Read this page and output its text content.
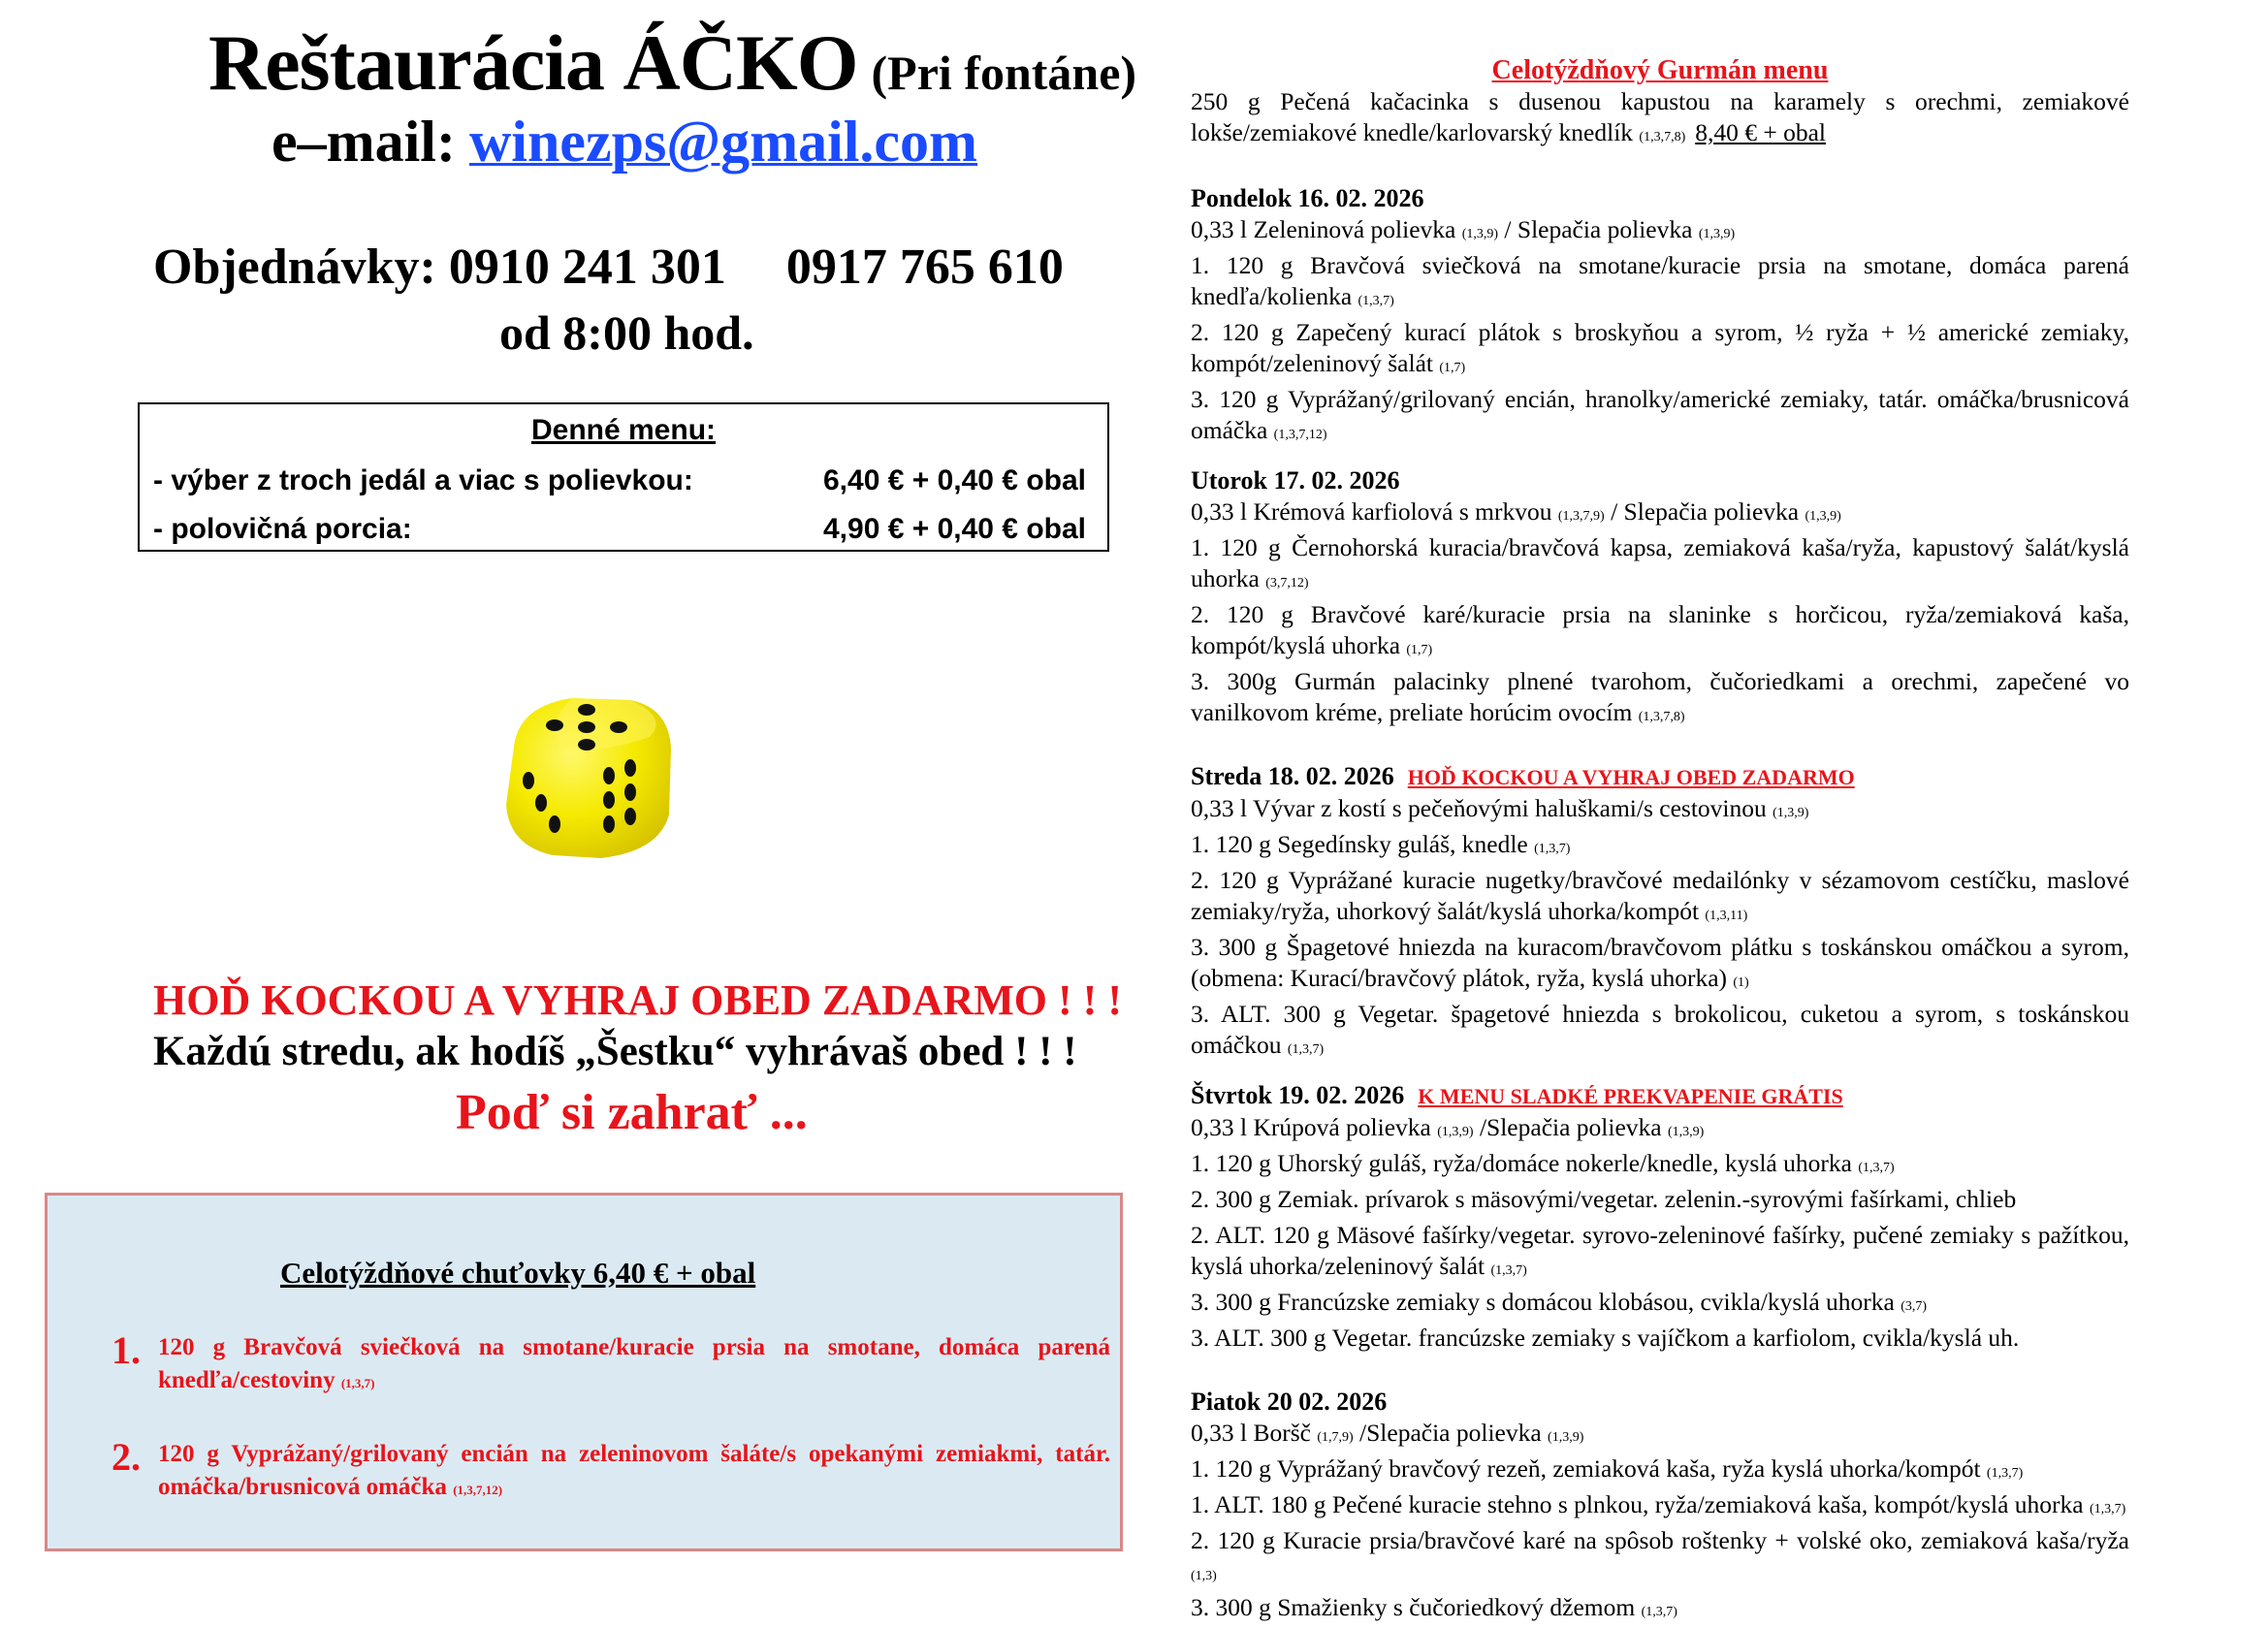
Reštaurácia ÁČKO (Pri fontáne)
e–mail: winezps@gmail.com
Objednávky: 0910 241 301 0917 765 610
od 8:00 hod.
Denné menu:
- výber z troch jedál a viac s polievkou:	6,40 € + 0,40 € obal
- polovičná porcia:	4,90 € + 0,40 € obal
HOĎ KOCKOU A VYHRAJ OBED ZADARMO ! ! !
Každú stredu, ak hodíš „Šestku“ vyhrávaš obed ! ! !
Poď si zahrať ...
Celotýždňové chuťovky 6,40 € + obal
1. 120 g Bravčová sviečková na smotane/kuracie prsia na smotane, domáca parená knedľa/cestoviny (1,3,7)
2. 120 g Vyprážaný/grilovaný encián na zeleninovom šaláte/s opekanými zemiakmi, tatár. omáčka/brusnicová omáčka (1,3,7,12)
Celotýždňový Gurmán menu

250 g Pečená kačacinka s dusenou kapustou na karamely s orechmi, zemiakové lokše/zemiakové knedle/karlovarský knedlík (1,3,7,8) 8,40 € + obal

Pondelok 16. 02. 2026

0,33 l Zeleninová polievka (1,3,9) / Slepačia polievka (1,3,9)

1. 120 g Bravčová sviečková na smotane/kuracie prsia na smotane, domáca parená knedľa/kolienka (1,3,7)

2. 120 g Zapečený kurací plátok s broskyňou a syrom, ½ ryža + ½ americké zemiaky, kompót/zeleninový šalát (1,7)

3. 120 g Vyprážaný/grilovaný encián, hranolky/americké zemiaky, tatár. omáčka/brusnicová omáčka (1,3,7,12)

Utorok 17. 02. 2026

0,33 l Krémová karfiolová s mrkvou (1,3,7,9) / Slepačia polievka (1,3,9)

1. 120 g Černohorská kuracia/bravčová kapsa, zemiaková kaša/ryža, kapustový šalát/kyslá uhorka (3,7,12)

2. 120 g Bravčové karé/kuracie prsia na slaninke s horčicou, ryža/zemiaková kaša, kompót/kyslá uhorka (1,7)

3. 300g Gurmán palacinky plnené tvarohom, čučoriedkami a orechmi, zapečené vo vanilkovom kréme, preliate horúcim ovocím (1,3,7,8)

Streda 18. 02. 2026 HOĎ KOCKOU A VYHRAJ OBED ZADARMO

0,33 l Vývar z kostí s pečeňovými haluškami/s cestovinou (1,3,9)

1. 120 g Segedínsky guláš, knedle (1,3,7)

2. 120 g Vyprážané kuracie nugetky/bravčové medailónky v sézamovom cestíčku, maslové zemiaky/ryža, uhorkový šalát/kyslá uhorka/kompót (1,3,11)

3. 300 g Špagetové hniezda na kuracom/bravčovom plátku s toskánskou omáčkou a syrom, (obmena: Kurací/bravčový plátok, ryža, kyslá uhorka) (1)

3. ALT. 300 g Vegetar. špagetové hniezda s brokolicou, cuketou a syrom, s toskánskou omáčkou (1,3,7)

Štvrtok 19. 02. 2026 K MENU SLADKÉ PREKVAPENIE GRÁTIS

0,33 l Krúpová polievka (1,3,9) /Slepačia polievka (1,3,9)

1. 120 g Uhorský guláš, ryža/domáce nokerle/knedle, kyslá uhorka (1,3,7)

2. 300 g Zemiak. prívarok s mäsovými/vegetar. zelenin.-syrovými fašírkami, chlieb

2. ALT. 120 g Mäsové fašírky/vegetar. syrovo-zeleninové fašírky, pučené zemiaky s pažítkou, kyslá uhorka/zeleninový šalát (1,3,7)

3. 300 g Francúzske zemiaky s domácou klobásou, cvikla/kyslá uhorka (3,7)

3. ALT. 300 g Vegetar. francúzske zemiaky s vajíčkom a karfiolom, cvikla/kyslá uh.

Piatok 20 02. 2026

0,33 l Boršč (1,7,9) /Slepačia polievka (1,3,9)

1. 120 g Vyprážaný bravčový rezeň, zemiaková kaša, ryža kyslá uhorka/kompót (1,3,7)

1. ALT. 180 g Pečené kuracie stehno s plnkou, ryža/zemiaková kaša, kompót/kyslá uhorka (1,3,7)

2. 120 g Kuracie prsia/bravčové karé na spôsob roštenky + volské oko, zemiaková kaša/ryža (1,3)

3. 300 g Smažienky s čučoriedkový džemom (1,3,7)
